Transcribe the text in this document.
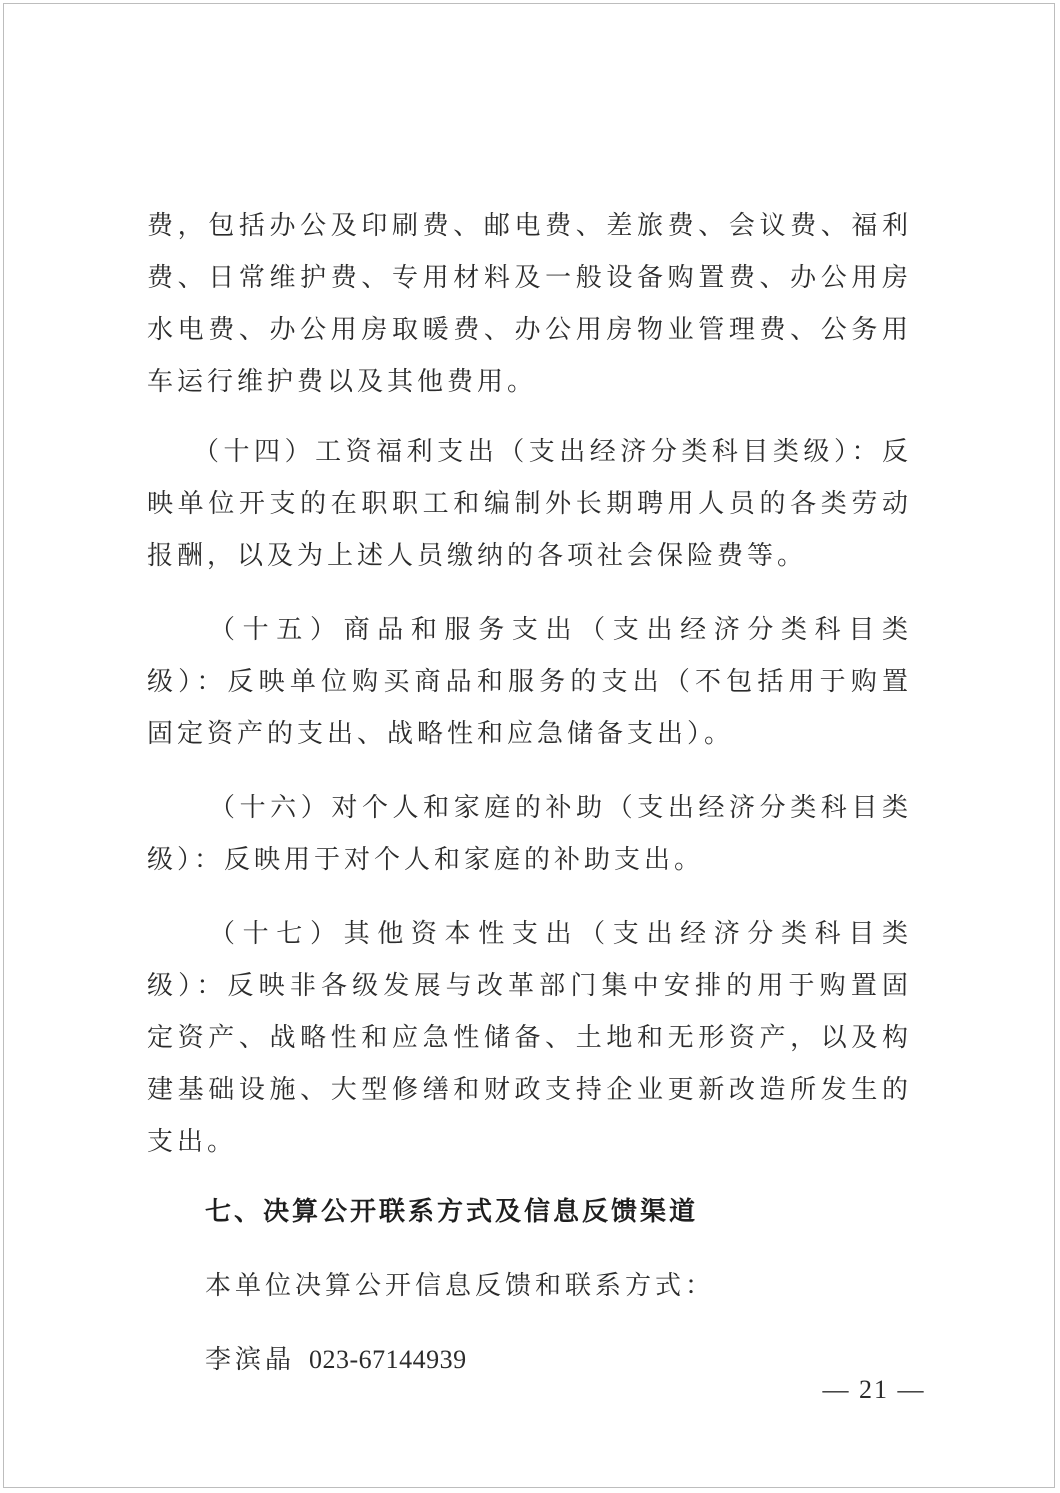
费，包括办公及印刷费、邮电费、差旅费、会议费、福利费、日常维护费、专用材料及一般设备购置费、办公用房水电费、办公用房取暖费、办公用房物业管理费、公务用车运行维护费以及其他费用。

（十四）工资福利支出（支出经济分类科目类级）：反映单位开支的在职职工和编制外长期聘用人员的各类劳动报酬，以及为上述人员缴纳的各项社会保险费等。

（十五）商品和服务支出（支出经济分类科目类级）：反映单位购买商品和服务的支出（不包括用于购置固定资产的支出、战略性和应急储备支出）。

（十六）对个人和家庭的补助（支出经济分类科目类级）：反映用于对个人和家庭的补助支出。

（十七）其他资本性支出（支出经济分类科目类级）：反映非各级发展与改革部门集中安排的用于购置固定资产、战略性和应急性储备、土地和无形资产，以及构建基础设施、大型修缮和财政支持企业更新改造所发生的支出。

七、决算公开联系方式及信息反馈渠道

本单位决算公开信息反馈和联系方式：

李滨晶 023-67144939

— 21 —
